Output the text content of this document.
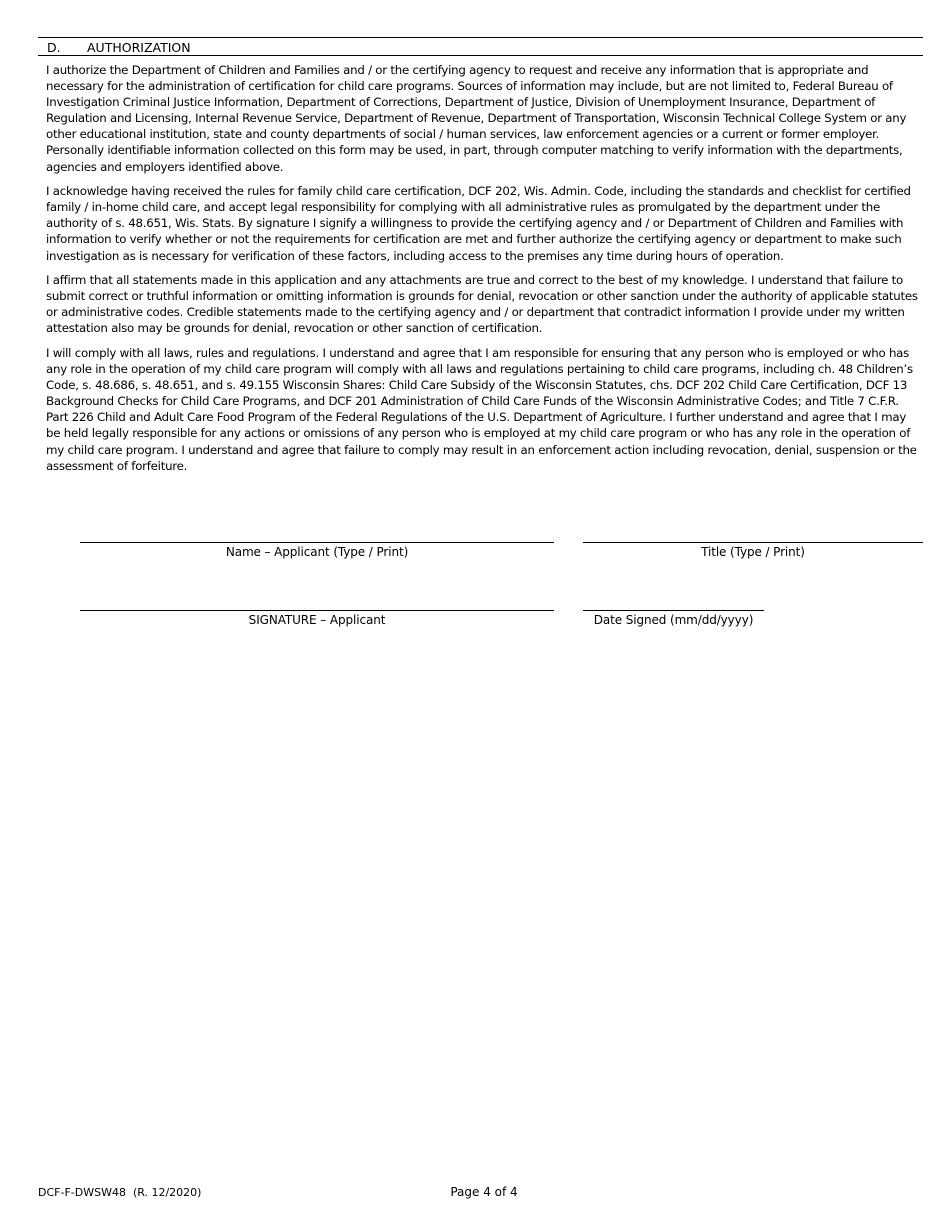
D. AUTHORIZATION

I authorize the Department of Children and Families and / or the certifying agency to request and receive any information that is appropriate and necessary for the administration of certification for child care programs. Sources of information may include, but are not limited to, Federal Bureau of Investigation Criminal Justice Information, Department of Corrections, Department of Justice, Division of Unemployment Insurance, Department of Regulation and Licensing, Internal Revenue Service, Department of Revenue, Department of Transportation, Wisconsin Technical College System or any other educational institution, state and county departments of social / human services, law enforcement agencies or a current or former employer. Personally identifiable information collected on this form may be used, in part, through computer matching to verify information with the departments, agencies and employers identified above.

I acknowledge having received the rules for family child care certification, DCF 202, Wis. Admin. Code, including the standards and checklist for certified family / in-home child care, and accept legal responsibility for complying with all administrative rules as promulgated by the department under the authority of s. 48.651, Wis. Stats. By signature I signify a willingness to provide the certifying agency and / or Department of Children and Families with information to verify whether or not the requirements for certification are met and further authorize the certifying agency or department to make such investigation as is necessary for verification of these factors, including access to the premises any time during hours of operation.

I affirm that all statements made in this application and any attachments are true and correct to the best of my knowledge. I understand that failure to submit correct or truthful information or omitting information is grounds for denial, revocation or other sanction under the authority of applicable statutes or administrative codes. Credible statements made to the certifying agency and / or department that contradict information I provide under my written attestation also may be grounds for denial, revocation or other sanction of certification.

I will comply with all laws, rules and regulations. I understand and agree that I am responsible for ensuring that any person who is employed or who has any role in the operation of my child care program will comply with all laws and regulations pertaining to child care programs, including ch. 48 Children’s Code, s. 48.686, s. 48.651, and s. 49.155 Wisconsin Shares: Child Care Subsidy of the Wisconsin Statutes, chs. DCF 202 Child Care Certification, DCF 13 Background Checks for Child Care Programs, and DCF 201 Administration of Child Care Funds of the Wisconsin Administrative Codes; and Title 7 C.F.R. Part 226 Child and Adult Care Food Program of the Federal Regulations of the U.S. Department of Agriculture. I further understand and agree that I may be held legally responsible for any actions or omissions of any person who is employed at my child care program or who has any role in the operation of my child care program. I understand and agree that failure to comply may result in an enforcement action including revocation, denial, suspension or the assessment of forfeiture.

Name – Applicant (Type / Print)	Title (Type / Print)
SIGNATURE – Applicant	Date Signed (mm/dd/yyyy)
DCF-F-DWSW48  (R. 12/2020)	Page 4 of 4
